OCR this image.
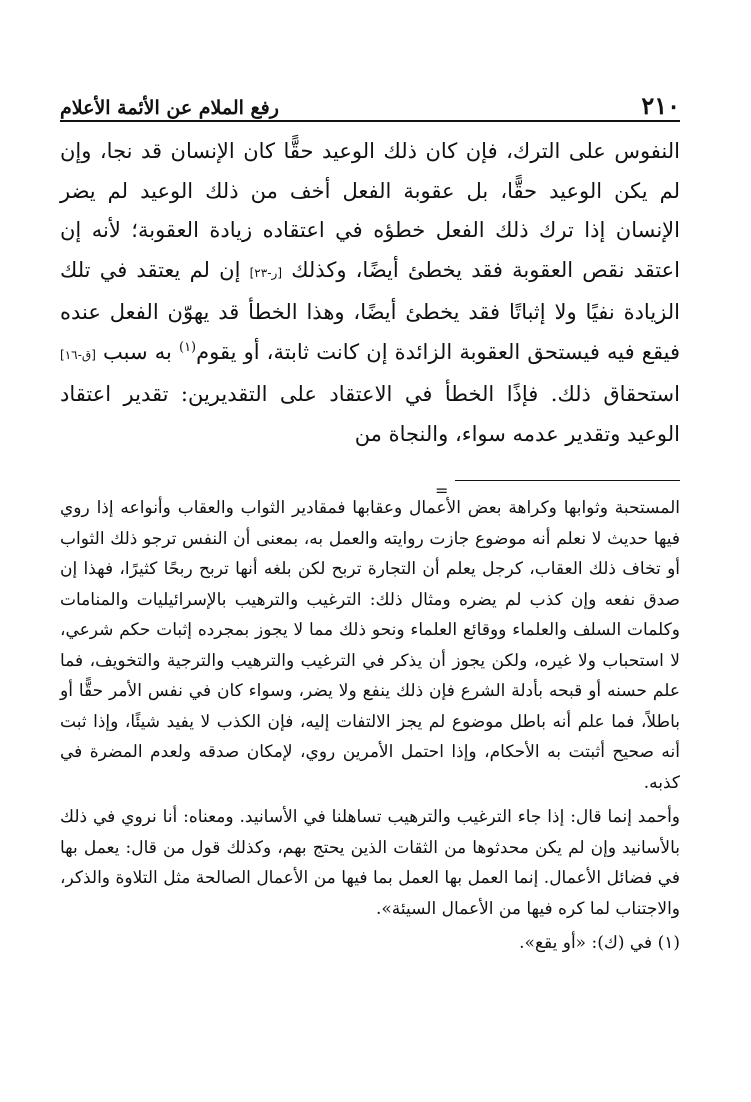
٢١٠
رفع الملام عن الأئمة الأعلام

النفوس على الترك، فإن كان ذلك الوعيد حقًّا كان الإنسان قد نجا، وإن لم يكن الوعيد حقًّا، بل عقوبة الفعل أخف من ذلك الوعيد لم يضر الإنسان إذا ترك ذلك الفعل خطؤه في اعتقاده زيادة العقوبة؛ لأنه إن اعتقد نقص العقوبة فقد يخطئ أيضًا، وكذلك [ر-٢٣] إن لم يعتقد في تلك الزيادة نفيًا ولا إثباتًا فقد يخطئ أيضًا، وهذا الخطأ قد يهوّن الفعل عنده فيقع فيه فيستحق العقوبة الزائدة إن كانت ثابتة، أو يقوم$^{(١)}$ به سبب [ق-١٦] استحقاق ذلك. فإذًا الخطأ في الاعتقاد على التقديرين: تقدير اعتقاد الوعيد وتقدير عدمه سواء، والنجاة من

=

المستحبة وثوابها وكراهة بعض الأعمال وعقابها فمقادير الثواب والعقاب وأنواعه إذا روي فيها حديث لا نعلم أنه موضوع جازت روايته والعمل به، بمعنى أن النفس ترجو ذلك الثواب أو تخاف ذلك العقاب، كرجل يعلم أن التجارة تربح لكن بلغه أنها تربح ربحًا كثيرًا، فهذا إن صدق نفعه وإن كذب لم يضره ومثال ذلك: الترغيب والترهيب بالإسرائيليات والمنامات وكلمات السلف والعلماء ووقائع العلماء ونحو ذلك مما لا يجوز بمجرده إثبات حكم شرعي، لا استحباب ولا غيره، ولكن يجوز أن يذكر في الترغيب والترهيب والترجية والتخويف، فما علم حسنه أو قبحه بأدلة الشرع فإن ذلك ينفع ولا يضر، وسواء كان في نفس الأمر حقًّا أو باطلاً، فما علم أنه باطل موضوع لم يجز الالتفات إليه، فإن الكذب لا يفيد شيئًا، وإذا ثبت أنه صحيح أثبتت به الأحكام، وإذا احتمل الأمرين روي، لإمكان صدقه ولعدم المضرة في كذبه.

وأحمد إنما قال: إذا جاء الترغيب والترهيب تساهلنا في الأسانيد. ومعناه: أنا نروي في ذلك بالأسانيد وإن لم يكن محدثوها من الثقات الذين يحتج بهم، وكذلك قول من قال: يعمل بها في فضائل الأعمال. إنما العمل بها العمل بما فيها من الأعمال الصالحة مثل التلاوة والذكر، والاجتناب لما كره فيها من الأعمال السيئة».

(١) في (ك): «أو يقع».
